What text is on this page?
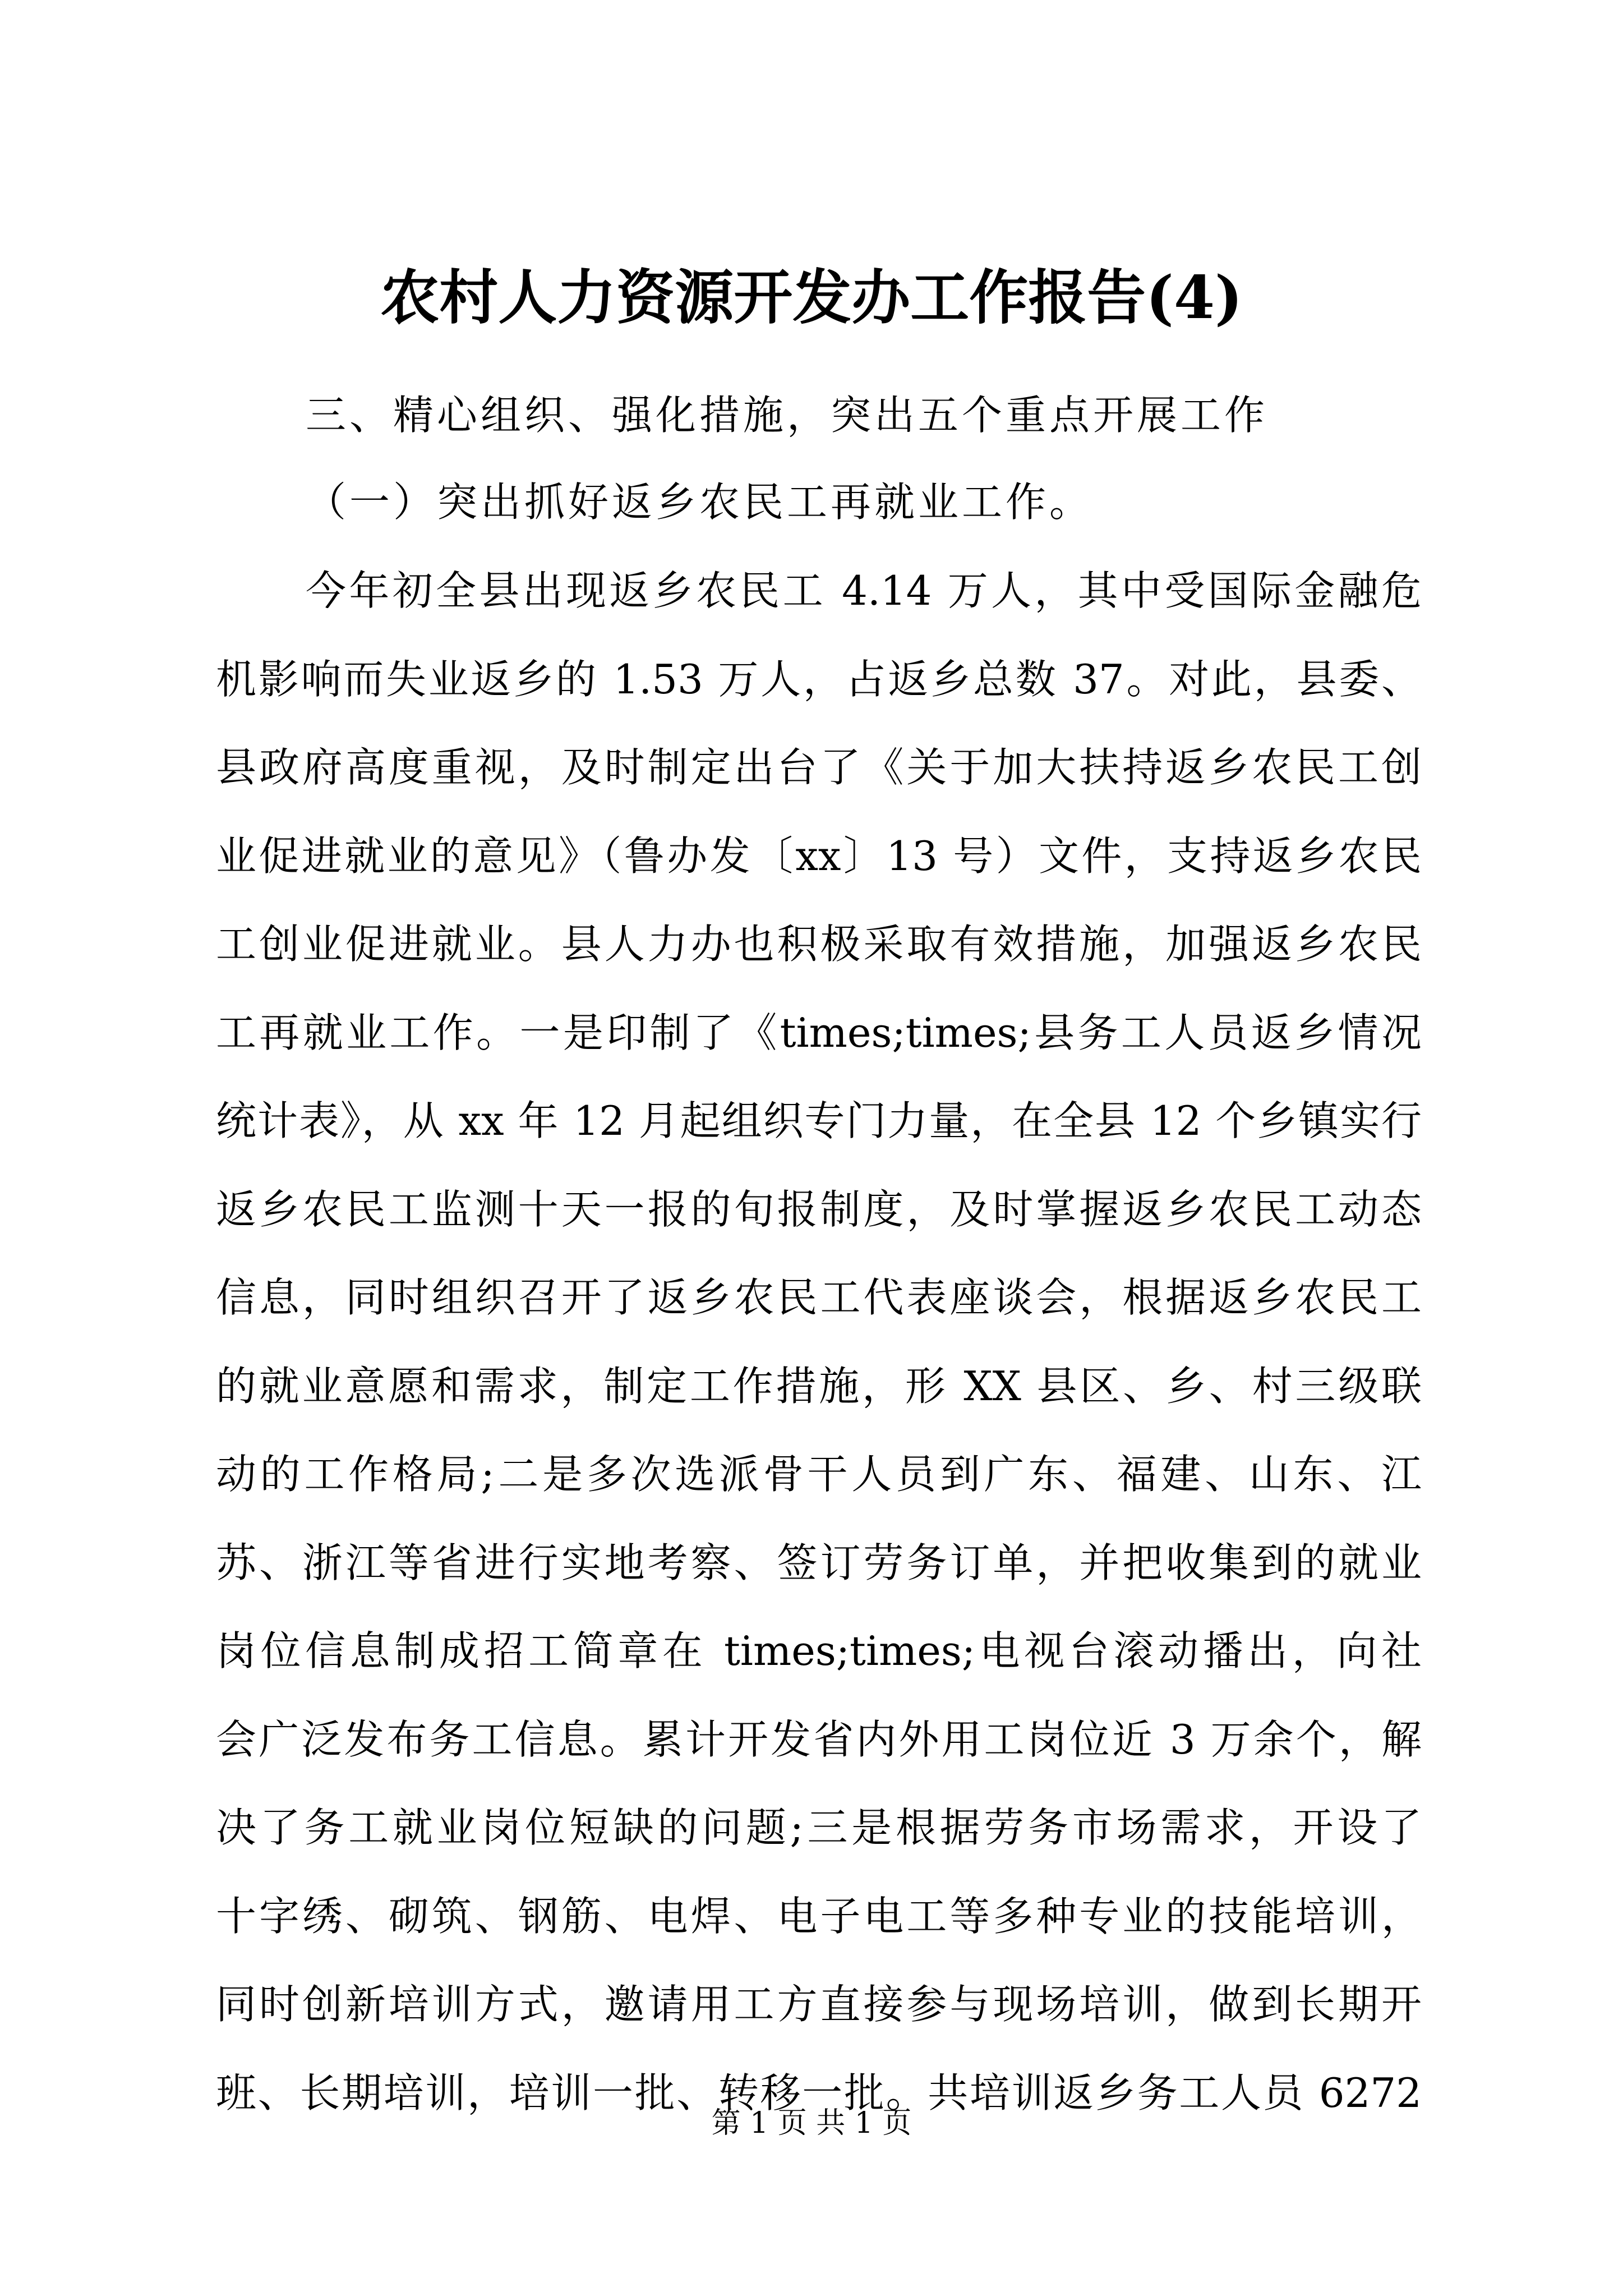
农村人力资源开发办工作报告(4)
三、精心组织、强化措施，突出五个重点开展工作
（一）突出抓好返乡农民工再就业工作。
今年初全县出现返乡农民工 4.14 万人，其中受国际金融危
机影响而失业返乡的 1.53 万人，占返乡总数 37。对此，县委、
县政府高度重视，及时制定出台了《关于加大扶持返乡农民工创
业促进就业的意见》（鲁办发〔xx〕13 号）文件，支持返乡农民
工创业促进就业。县人力办也积极采取有效措施，加强返乡农民
工再就业工作。一是印制了《times;times;县务工人员返乡情况
统计表》，从 xx 年 12 月起组织专门力量，在全县 12 个乡镇实行
返乡农民工监测十天一报的旬报制度，及时掌握返乡农民工动态
信息，同时组织召开了返乡农民工代表座谈会，根据返乡农民工
的就业意愿和需求，制定工作措施，形 XX 县区、乡、村三级联
动的工作格局;二是多次选派骨干人员到广东、福建、山东、江
苏、浙江等省进行实地考察、签订劳务订单，并把收集到的就业
岗位信息制成招工简章在 times;times;电视台滚动播出，向社
会广泛发布务工信息。累计开发省内外用工岗位近 3 万余个，解
决了务工就业岗位短缺的问题;三是根据劳务市场需求，开设了
十字绣、砌筑、钢筋、电焊、电子电工等多种专业的技能培训，
同时创新培训方式，邀请用工方直接参与现场培训，做到长期开
班、长期培训，培训一批、转移一批。共培训返乡务工人员 6272
第 1 页 共 1 页
